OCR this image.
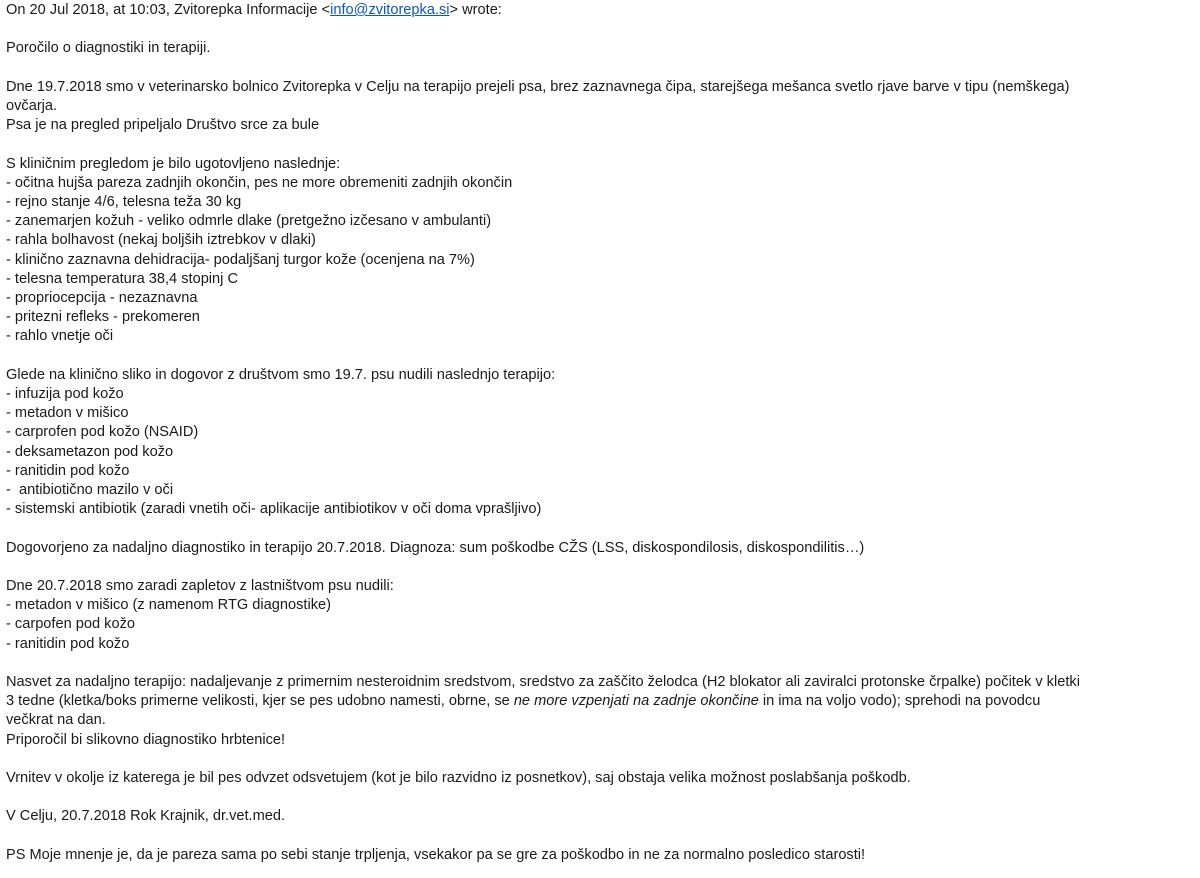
On 20 Jul 2018, at 10:03, Zvitorepka Informacije <info@zvitorepka.si> wrote:
Poročilo o diagnostiki in terapiji.
Dne 19.7.2018 smo v veterinarsko bolnico Zvitorepka v Celju na terapijo prejeli psa, brez zaznavnega čipa, starejšega mešanca svetlo rjave barve v tipu (nemškega)
ovčarja.
Psa je na pregled pripeljalo Društvo srce za bule
S kliničnim pregledom je bilo ugotovljeno naslednje:
- očitna hujša pareza zadnjih okončin, pes ne more obremeniti zadnjih okončin
- rejno stanje 4/6, telesna teža 30 kg
- zanemarjen kožuh - veliko odmrle dlake (pretgežno izčesano v ambulanti)
- rahla bolhavost (nekaj boljših iztrebkov v dlaki)
- klinično zaznavna dehidracija- podaljšanj turgor kože (ocenjena na 7%)
- telesna temperatura 38,4 stopinj C
- propriocepcija - nezaznavna
- pritezni refleks - prekomeren
- rahlo vnetje oči
Glede na klinično sliko in dogovor z društvom smo 19.7. psu nudili naslednjo terapijo:
- infuzija pod kožo
- metadon v mišico
- carprofen pod kožo (NSAID)
- deksametazon pod kožo
- ranitidin pod kožo
-  antibiotično mazilo v oči
- sistemski antibiotik (zaradi vnetih oči- aplikacije antibiotikov v oči doma vprašljivo)
Dogovorjeno za nadaljno diagnostiko in terapijo 20.7.2018. Diagnoza: sum poškodbe CŽS (LSS, diskospondilosis, diskospondilitis…)
Dne 20.7.2018 smo zaradi zapletov z lastništvom psu nudili:
- metadon v mišico (z namenom RTG diagnostike)
- carpofen pod kožo
- ranitidin pod kožo
Nasvet za nadaljno terapijo: nadaljevanje z primernim nesteroidnim sredstvom, sredstvo za zaščito želodca (H2 blokator ali zaviralci protonske črpalke) počitek v kletki
3 tedne (kletka/boks primerne velikosti, kjer se pes udobno namesti, obrne, se ne more vzpenjati na zadnje okončine in ima na voljo vodo); sprehodi na povodcu
večkrat na dan.
Priporočil bi slikovno diagnostiko hrbtenice!
Vrnitev v okolje iz katerega je bil pes odvzet odsvetujem (kot je bilo razvidno iz posnetkov), saj obstaja velika možnost poslabšanja poškodb.
V Celju, 20.7.2018 Rok Krajnik, dr.vet.med.
PS Moje mnenje je, da je pareza sama po sebi stanje trpljenja, vsekakor pa se gre za poškodbo in ne za normalno posledico starosti!
